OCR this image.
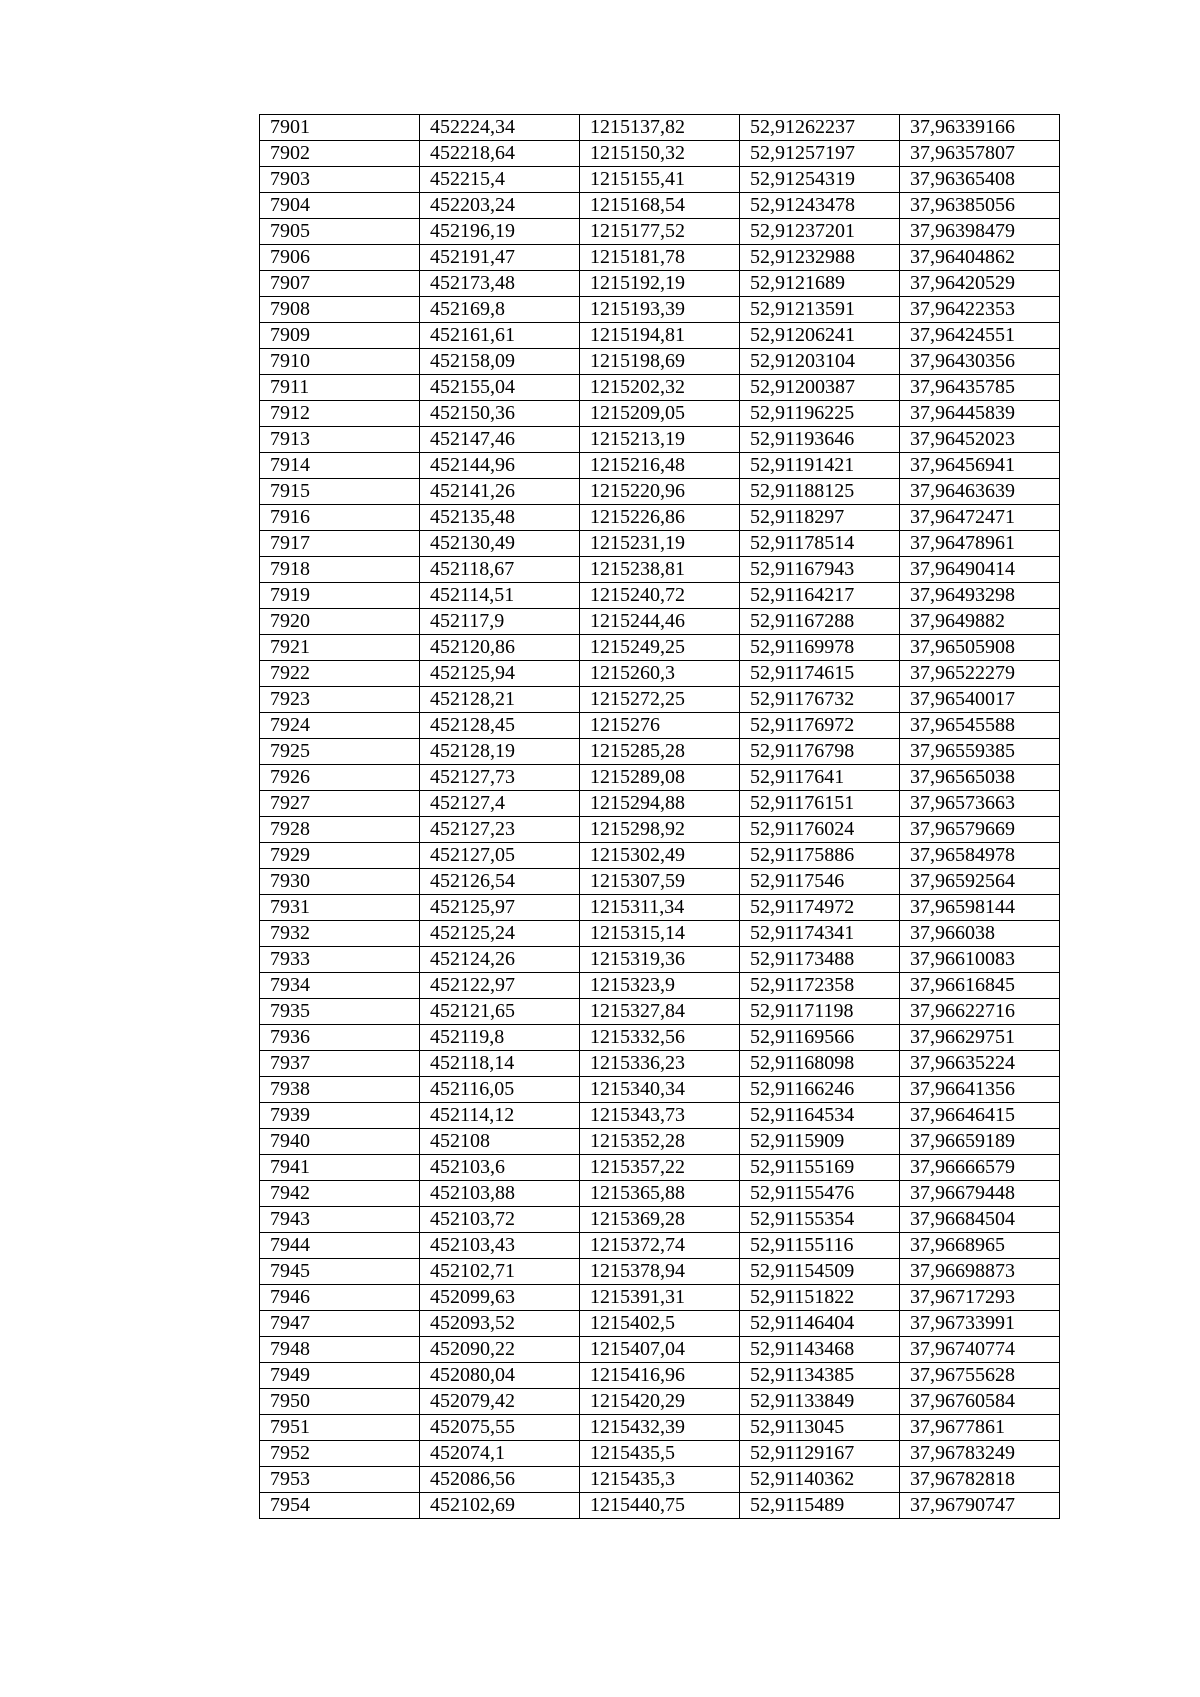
7901	452224,34	1215137,82	52,91262237	37,96339166
7902	452218,64	1215150,32	52,91257197	37,96357807
7903	452215,4	1215155,41	52,91254319	37,96365408
7904	452203,24	1215168,54	52,91243478	37,96385056
7905	452196,19	1215177,52	52,91237201	37,96398479
7906	452191,47	1215181,78	52,91232988	37,96404862
7907	452173,48	1215192,19	52,9121689	37,96420529
7908	452169,8	1215193,39	52,91213591	37,96422353
7909	452161,61	1215194,81	52,91206241	37,96424551
7910	452158,09	1215198,69	52,91203104	37,96430356
7911	452155,04	1215202,32	52,91200387	37,96435785
7912	452150,36	1215209,05	52,91196225	37,96445839
7913	452147,46	1215213,19	52,91193646	37,96452023
7914	452144,96	1215216,48	52,91191421	37,96456941
7915	452141,26	1215220,96	52,91188125	37,96463639
7916	452135,48	1215226,86	52,9118297	37,96472471
7917	452130,49	1215231,19	52,91178514	37,96478961
7918	452118,67	1215238,81	52,91167943	37,96490414
7919	452114,51	1215240,72	52,91164217	37,96493298
7920	452117,9	1215244,46	52,91167288	37,9649882
7921	452120,86	1215249,25	52,91169978	37,96505908
7922	452125,94	1215260,3	52,91174615	37,96522279
7923	452128,21	1215272,25	52,91176732	37,96540017
7924	452128,45	1215276	52,91176972	37,96545588
7925	452128,19	1215285,28	52,91176798	37,96559385
7926	452127,73	1215289,08	52,9117641	37,96565038
7927	452127,4	1215294,88	52,91176151	37,96573663
7928	452127,23	1215298,92	52,91176024	37,96579669
7929	452127,05	1215302,49	52,91175886	37,96584978
7930	452126,54	1215307,59	52,9117546	37,96592564
7931	452125,97	1215311,34	52,91174972	37,96598144
7932	452125,24	1215315,14	52,91174341	37,966038
7933	452124,26	1215319,36	52,91173488	37,96610083
7934	452122,97	1215323,9	52,91172358	37,96616845
7935	452121,65	1215327,84	52,91171198	37,96622716
7936	452119,8	1215332,56	52,91169566	37,96629751
7937	452118,14	1215336,23	52,91168098	37,96635224
7938	452116,05	1215340,34	52,91166246	37,96641356
7939	452114,12	1215343,73	52,91164534	37,96646415
7940	452108	1215352,28	52,9115909	37,96659189
7941	452103,6	1215357,22	52,91155169	37,96666579
7942	452103,88	1215365,88	52,91155476	37,96679448
7943	452103,72	1215369,28	52,91155354	37,96684504
7944	452103,43	1215372,74	52,91155116	37,9668965
7945	452102,71	1215378,94	52,91154509	37,96698873
7946	452099,63	1215391,31	52,91151822	37,96717293
7947	452093,52	1215402,5	52,91146404	37,96733991
7948	452090,22	1215407,04	52,91143468	37,96740774
7949	452080,04	1215416,96	52,91134385	37,96755628
7950	452079,42	1215420,29	52,91133849	37,96760584
7951	452075,55	1215432,39	52,9113045	37,9677861
7952	452074,1	1215435,5	52,91129167	37,96783249
7953	452086,56	1215435,3	52,91140362	37,96782818
7954	452102,69	1215440,75	52,9115489	37,96790747
